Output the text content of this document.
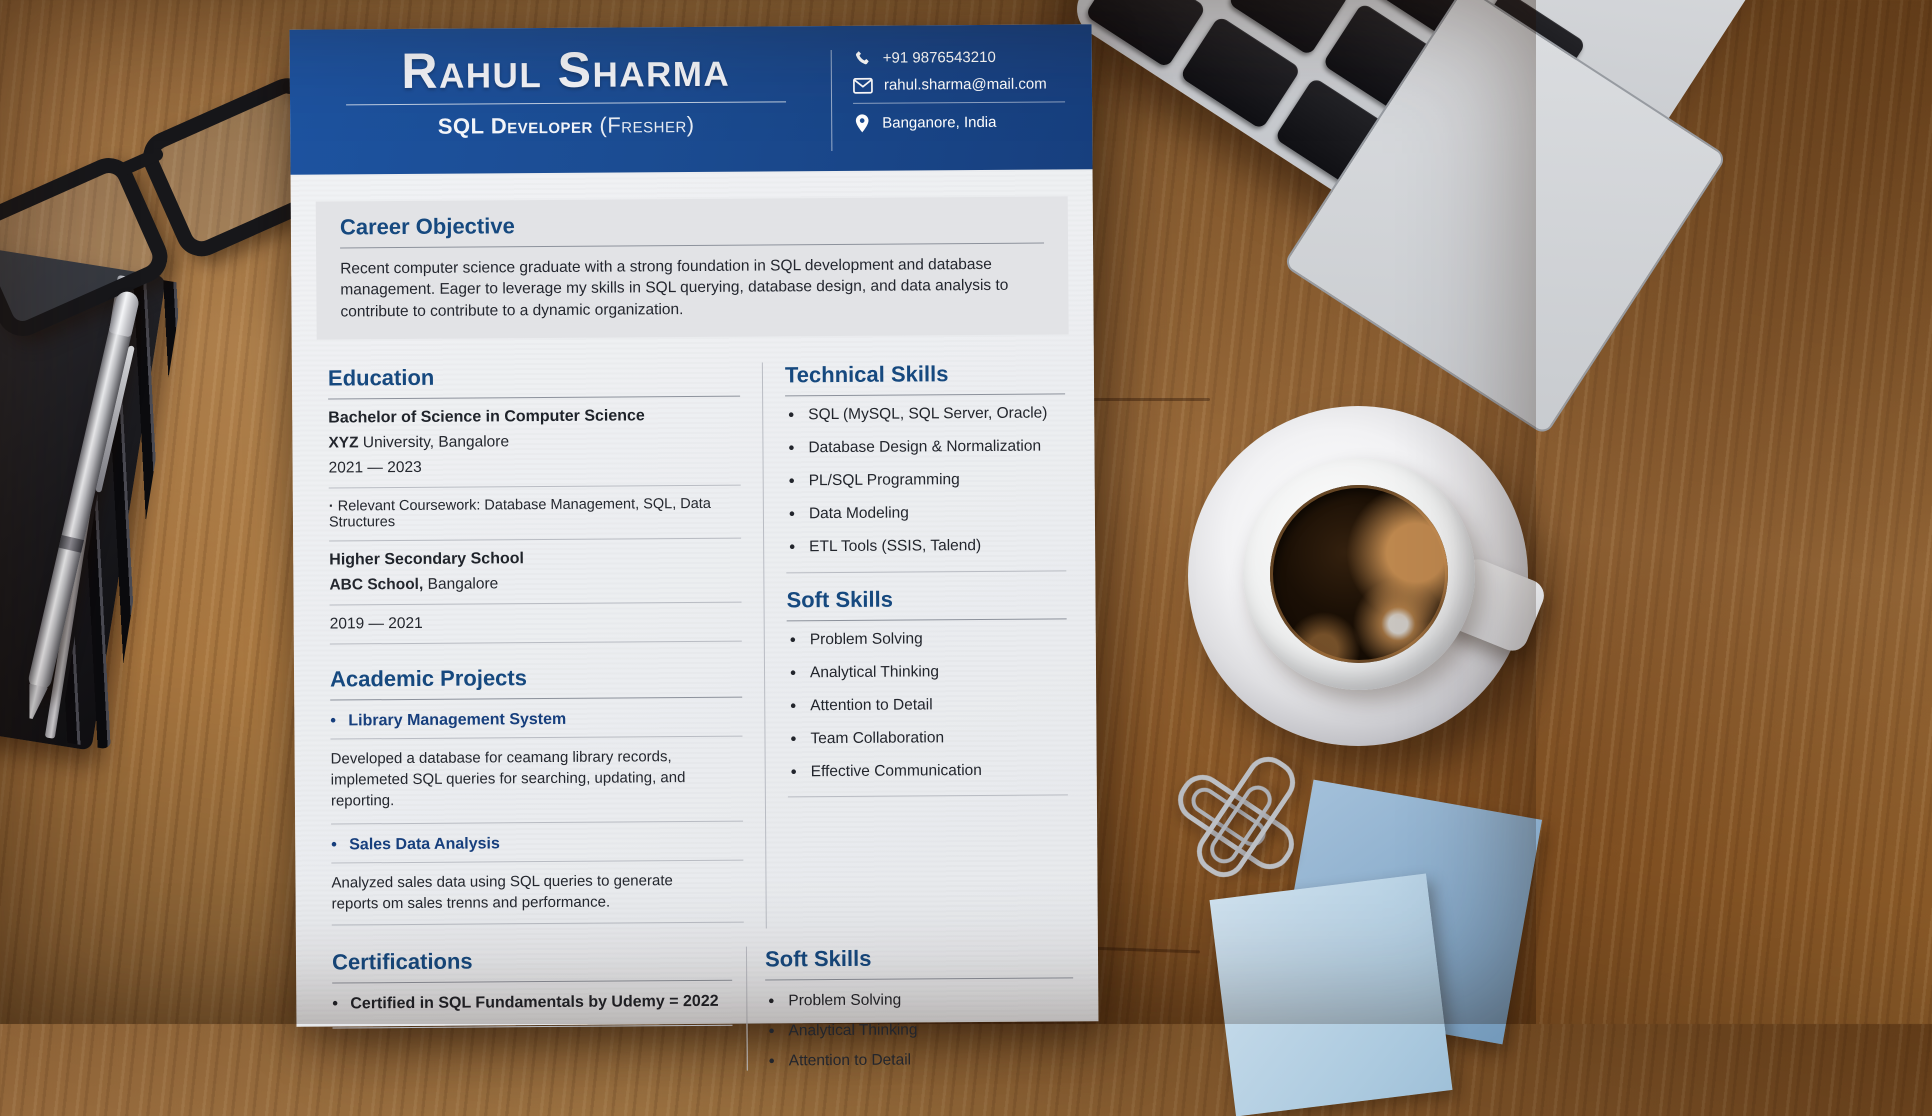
Rahul Sharma
SQL Developer (Fresher)
+91 9876543210
rahul.sharma@mail.com
Banganore, India
Career Objective

Recent computer science graduate with a strong foundation in SQL development and database management. Eager to leverage my skills in SQL querying, database design, and data analysis to contribute to contribute to a dynamic organization.

Education
Bachelor of Science in Computer Science
XYZ University, Bangalore
2021 — 2023
· Relevant Coursework: Database Management, SQL, Data Structures
Higher Secondary School
ABC School, Bangalore
2019 — 2021
Academic Projects
• Library Management System

Developed a database for ceamang library records, implemeted SQL queries for searching, updating, and reporting.

• Sales Data Analysis

Analyzed sales data using SQL queries to generate reports om sales trenns and performance.

Technical Skills
• SQL (MySQL, SQL Server, Oracle)
• Database Design & Normalization
• PL/SQL Programming
• Data Modeling
• ETL Tools (SSIS, Talend)
Soft Skills
• Problem Solving
• Analytical Thinking
• Attention to Detail
• Team Collaboration
• Effective Communication
Certifications
• Certified in SQL Fundamentals by Udemy = 2022
Soft Skills
• Problem Solving
• Analytical Thinking
• Attention to Detail
